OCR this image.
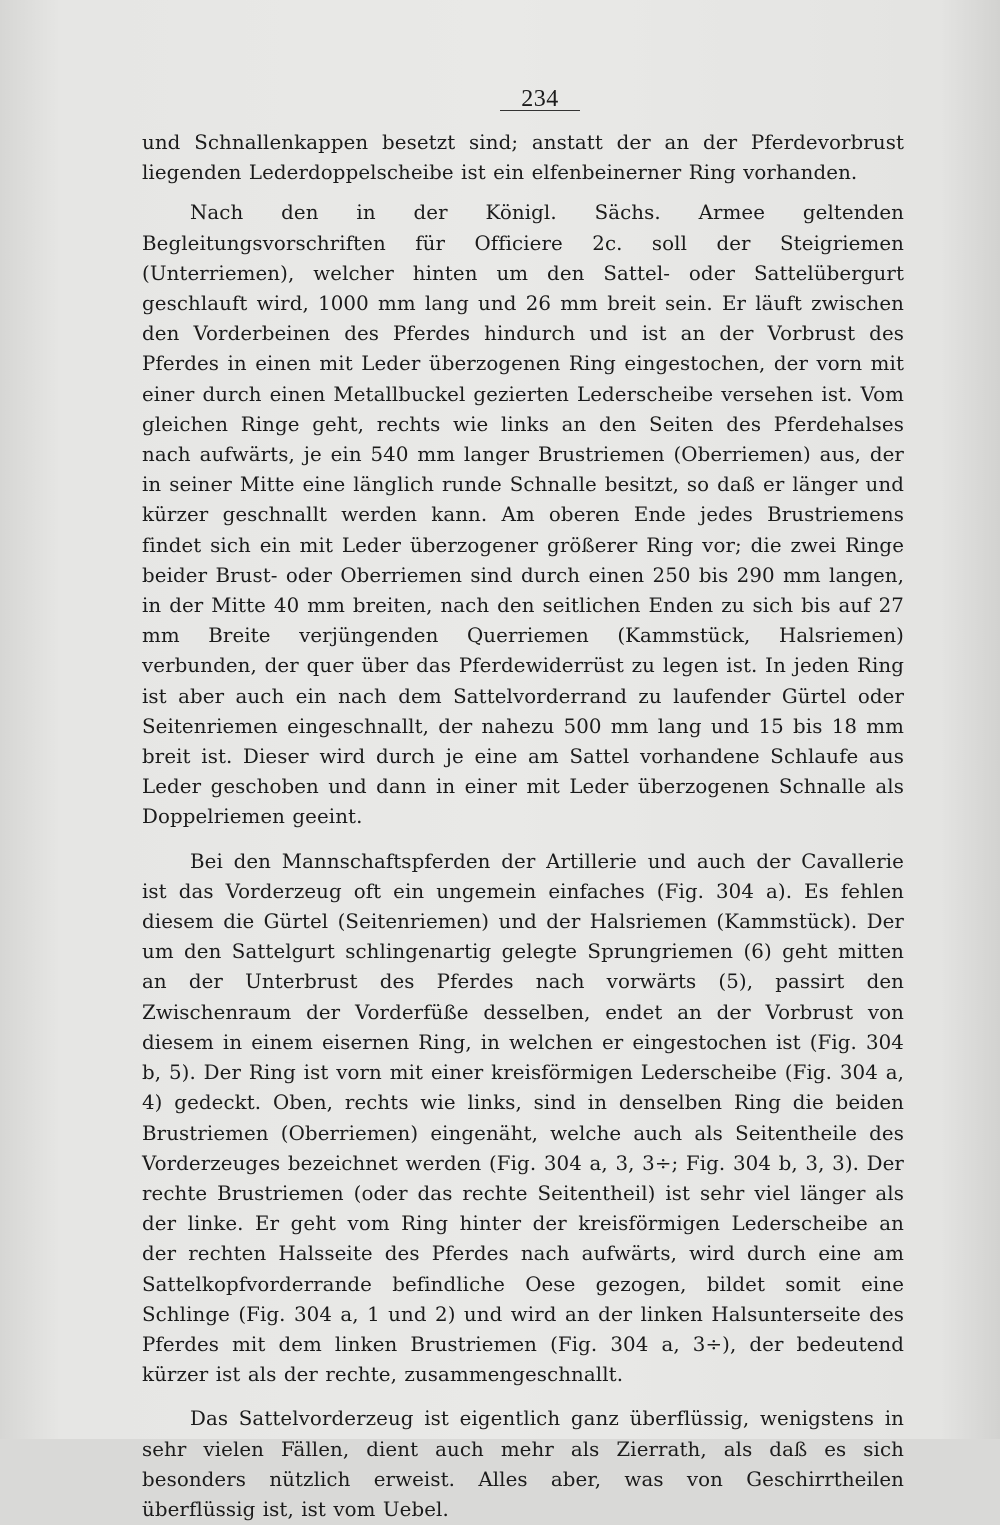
234

und Schnallenkappen besetzt sind; anstatt der an der Pferdevorbrust liegenden Lederdoppelscheibe ist ein elfenbeinerner Ring vorhanden.

Nach den in der Königl. Sächs. Armee geltenden Begleitungsvorschriften für Officiere 2c. soll der Steigriemen (Unterriemen), welcher hinten um den Sattel- oder Sattelübergurt geschlauft wird, 1000 mm lang und 26 mm breit sein. Er läuft zwischen den Vorderbeinen des Pferdes hindurch und ist an der Vorbrust des Pferdes in einen mit Leder überzogenen Ring eingestochen, der vorn mit einer durch einen Metallbuckel gezierten Lederscheibe versehen ist. Vom gleichen Ringe geht, rechts wie links an den Seiten des Pferdehalses nach aufwärts, je ein 540 mm langer Brustriemen (Oberriemen) aus, der in seiner Mitte eine länglich runde Schnalle besitzt, so daß er länger und kürzer geschnallt werden kann. Am oberen Ende jedes Brustriemens findet sich ein mit Leder überzogener größerer Ring vor; die zwei Ringe beider Brust- oder Oberriemen sind durch einen 250 bis 290 mm langen, in der Mitte 40 mm breiten, nach den seitlichen Enden zu sich bis auf 27 mm Breite verjüngenden Querriemen (Kammstück, Halsriemen) verbunden, der quer über das Pferdewiderrüst zu legen ist. In jeden Ring ist aber auch ein nach dem Sattelvorderrand zu laufender Gürtel oder Seitenriemen eingeschnallt, der nahezu 500 mm lang und 15 bis 18 mm breit ist. Dieser wird durch je eine am Sattel vorhandene Schlaufe aus Leder geschoben und dann in einer mit Leder überzogenen Schnalle als Doppelriemen geeint.

Bei den Mannschaftspferden der Artillerie und auch der Cavallerie ist das Vorderzeug oft ein ungemein einfaches (Fig. 304 a). Es fehlen diesem die Gürtel (Seitenriemen) und der Halsriemen (Kammstück). Der um den Sattelgurt schlingenartig gelegte Sprungriemen (6) geht mitten an der Unterbrust des Pferdes nach vorwärts (5), passirt den Zwischenraum der Vorderfüße desselben, endet an der Vorbrust von diesem in einem eisernen Ring, in welchen er eingestochen ist (Fig. 304 b, 5). Der Ring ist vorn mit einer kreisförmigen Lederscheibe (Fig. 304 a, 4) gedeckt. Oben, rechts wie links, sind in denselben Ring die beiden Brustriemen (Oberriemen) eingenäht, welche auch als Seitentheile des Vorderzeuges bezeichnet werden (Fig. 304 a, 3, 3÷; Fig. 304 b, 3, 3). Der rechte Brustriemen (oder das rechte Seitentheil) ist sehr viel länger als der linke. Er geht vom Ring hinter der kreisförmigen Lederscheibe an der rechten Halsseite des Pferdes nach aufwärts, wird durch eine am Sattelkopfvorderrande befindliche Oese gezogen, bildet somit eine Schlinge (Fig. 304 a, 1 und 2) und wird an der linken Halsunterseite des Pferdes mit dem linken Brustriemen (Fig. 304 a, 3÷), der bedeutend kürzer ist als der rechte, zusammengeschnallt.

Das Sattelvorderzeug ist eigentlich ganz überflüssig, wenigstens in sehr vielen Fällen, dient auch mehr als Zierrath, als daß es sich besonders nützlich erweist. Alles aber, was von Geschirrtheilen überflüssig ist, ist vom Uebel.
